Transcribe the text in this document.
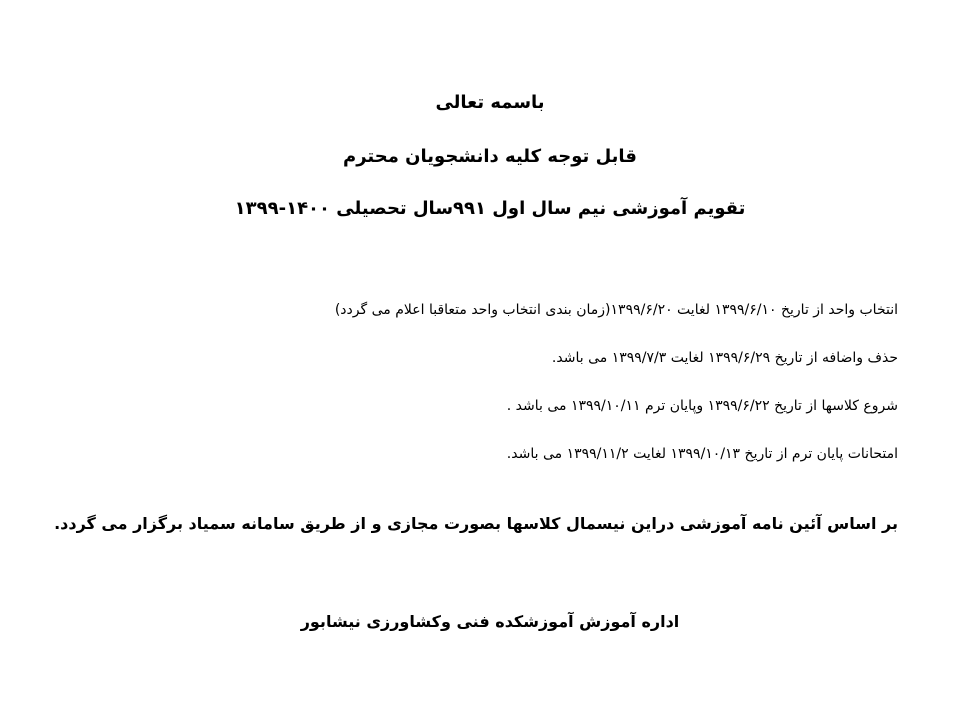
باسمه تعالی
قابل توجه کلیه دانشجویان محترم
تقویم آموزشی نیم سال اول ۹۹۱سال تحصیلی ۱۴۰۰-۱۳۹۹
انتخاب واحد از تاریخ ۱۳۹۹/۶/۱۰ لغایت ۱۳۹۹/۶/۲۰(زمان بندی انتخاب واحد متعاقبا اعلام می گردد)
حذف واضافه از تاریخ ۱۳۹۹/۶/۲۹ لغایت ۱۳۹۹/۷/۳ می باشد.
شروع کلاسها از تاریخ ۱۳۹۹/۶/۲۲ وپایان ترم ۱۳۹۹/۱۰/۱۱ می باشد .
امتحانات پایان ترم از تاریخ ۱۳۹۹/۱۰/۱۳ لغایت ۱۳۹۹/۱۱/۲ می باشد.
بر اساس آئین نامه آموزشی دراین نیسمال کلاسها بصورت مجازی و از طریق سامانه سمیاد برگزار می گردد.
اداره آموزش آموزشکده فنی وکشاورزی نیشابور
